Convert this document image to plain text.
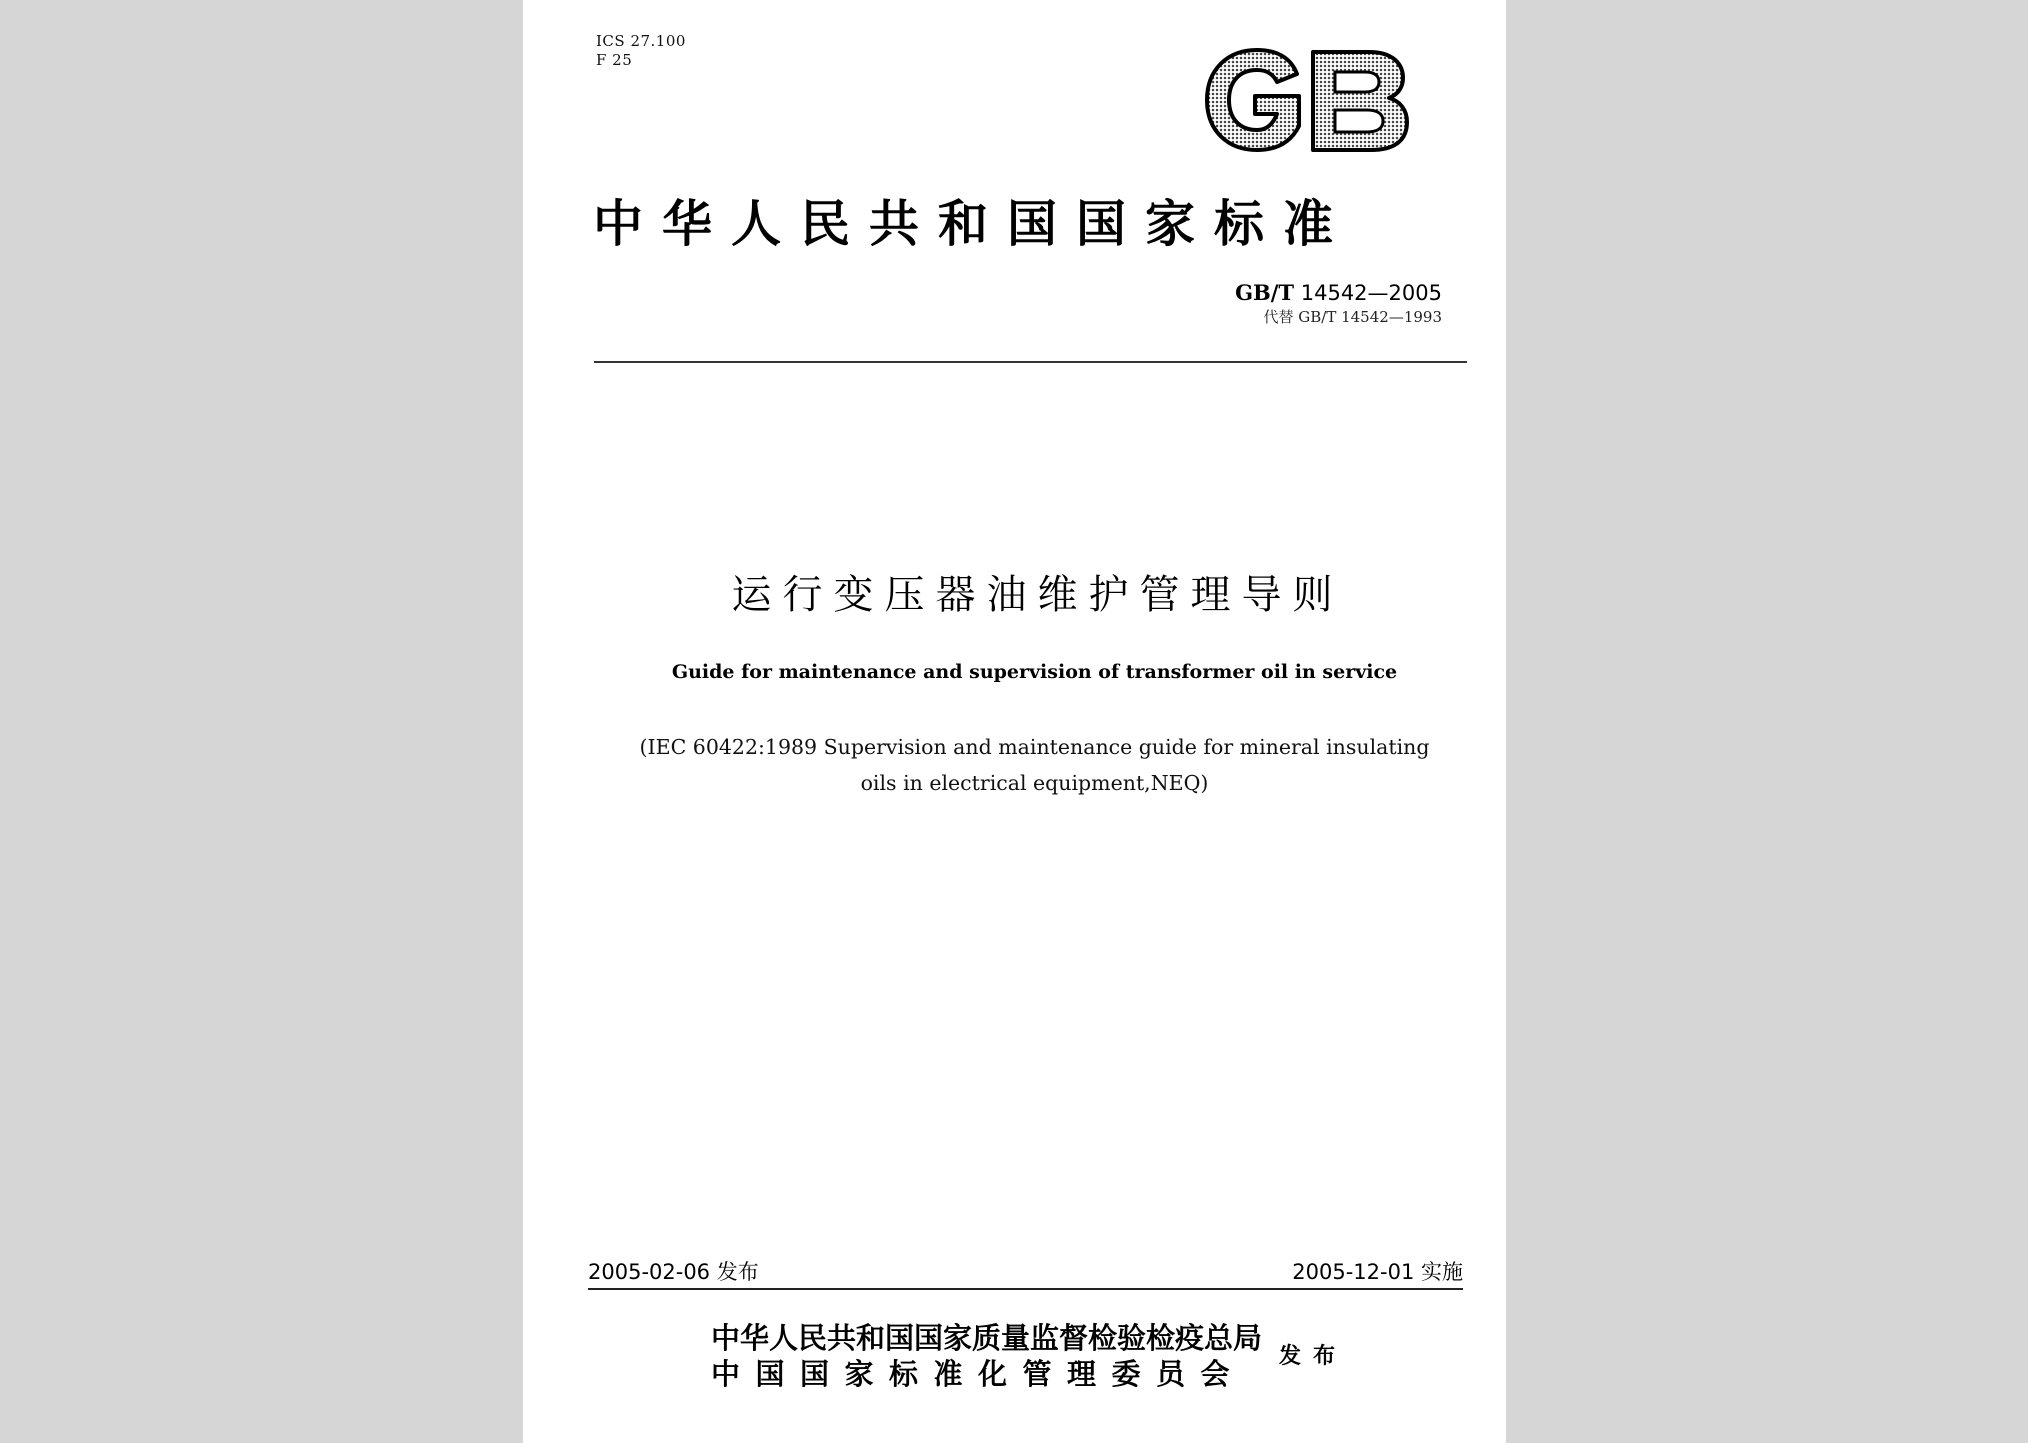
ICS 27.100
F 25
中华人民共和国国家标准
GB/T 14542—2005
代替 GB/T 14542—1993
运行变压器油维护管理导则
Guide for maintenance and supervision of transformer oil in service
(IEC 60422:1989 Supervision and maintenance guide for mineral insulating
oils in electrical equipment,NEQ)
2005-02-06 发布	2005-12-01 实施
中华人民共和国国家质量监督检验检疫总局
中国国家标准化管理委员会
发布
